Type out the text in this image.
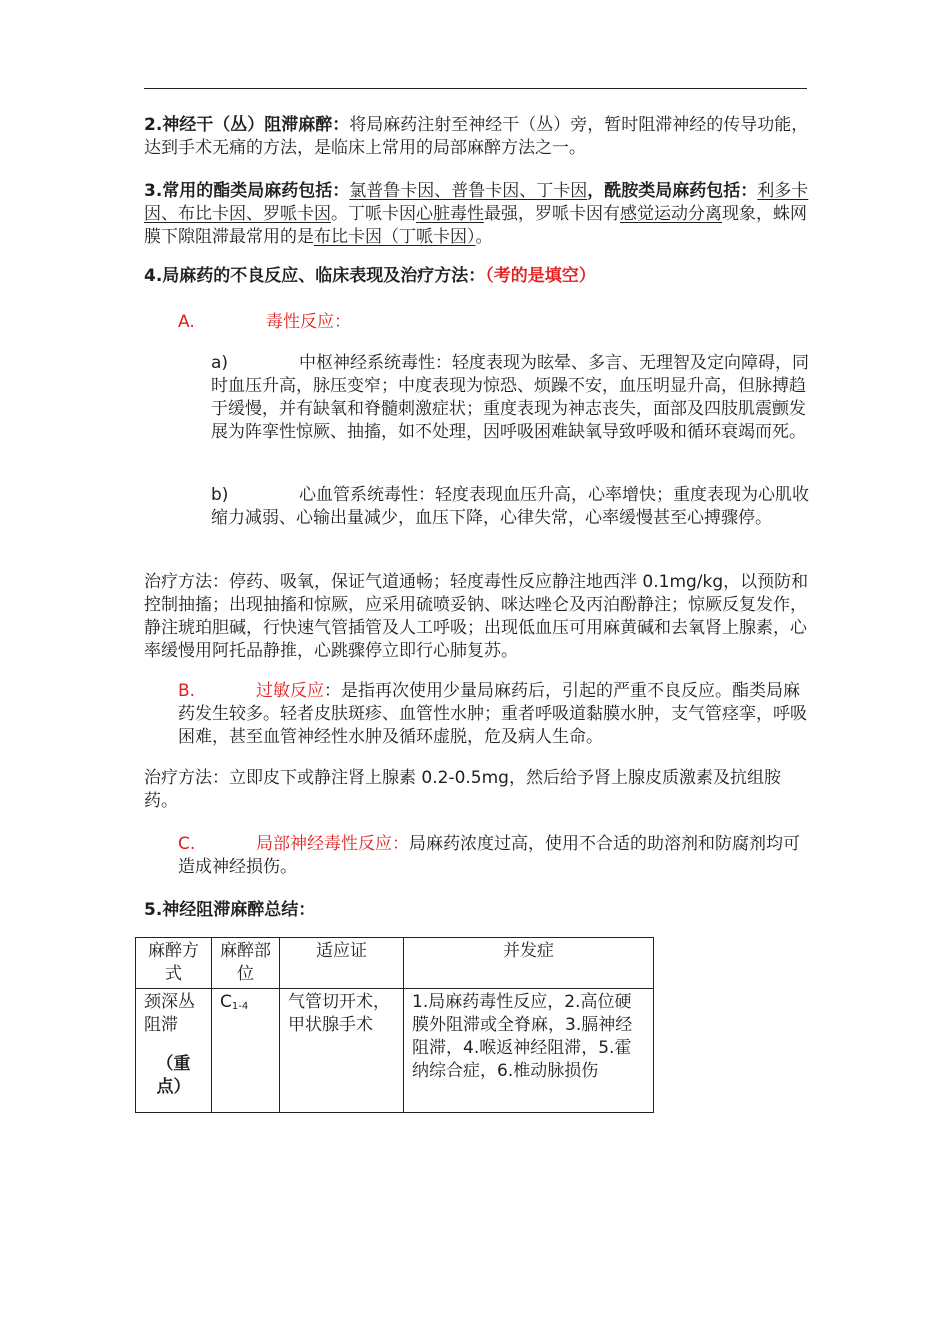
2.神经干（丛）阻滞麻醉：将局麻药注射至神经干（丛）旁，暂时阻滞神经的传导功能，达到手术无痛的方法，是临床上常用的局部麻醉方法之一。
3.常用的酯类局麻药包括：氯普鲁卡因、普鲁卡因、丁卡因，酰胺类局麻药包括：利多卡因、布比卡因、罗哌卡因。丁哌卡因心脏毒性最强，罗哌卡因有感觉运动分离现象，蛛网膜下隙阻滞最常用的是布比卡因（丁哌卡因）。
4.局麻药的不良反应、临床表现及治疗方法：（考的是填空）
A.	毒性反应：
a)	中枢神经系统毒性：轻度表现为眩晕、多言、无理智及定向障碍，同时血压升高，脉压变窄；中度表现为惊恐、烦躁不安，血压明显升高，但脉搏趋于缓慢，并有缺氧和脊髓刺激症状；重度表现为神志丧失，面部及四肢肌震颤发展为阵挛性惊厥、抽搐，如不处理，因呼吸困难缺氧导致呼吸和循环衰竭而死。
b)	心血管系统毒性：轻度表现血压升高，心率增快；重度表现为心肌收缩力减弱、心输出量减少，血压下降，心律失常，心率缓慢甚至心搏骤停。
治疗方法：停药、吸氧，保证气道通畅；轻度毒性反应静注地西泮 0.1mg/kg，以预防和控制抽搐；出现抽搐和惊厥，应采用硫喷妥钠、咪达唑仑及丙泊酚静注；惊厥反复发作，静注琥珀胆碱，行快速气管插管及人工呼吸；出现低血压可用麻黄碱和去氧肾上腺素，心率缓慢用阿托品静推，心跳骤停立即行心肺复苏。
B.	过敏反应：是指再次使用少量局麻药后，引起的严重不良反应。酯类局麻药发生较多。轻者皮肤斑疹、血管性水肿；重者呼吸道黏膜水肿，支气管痉挛，呼吸困难，甚至血管神经性水肿及循环虚脱，危及病人生命。
治疗方法：立即皮下或静注肾上腺素 0.2-0.5mg，然后给予肾上腺皮质激素及抗组胺药。
C.	局部神经毒性反应：局麻药浓度过高，使用不合适的助溶剂和防腐剂均可造成神经损伤。
5.神经阻滞麻醉总结：
麻醉方式	麻醉部位	适应证	并发症

颈深丛阻滞
（重点）	$C_{1-4}$	气管切开术，甲状腺手术	1.局麻药毒性反应，2.高位硬膜外阻滞或全脊麻，3.膈神经阻滞，4.喉返神经阻滞，5.霍纳综合症，6.椎动脉损伤
